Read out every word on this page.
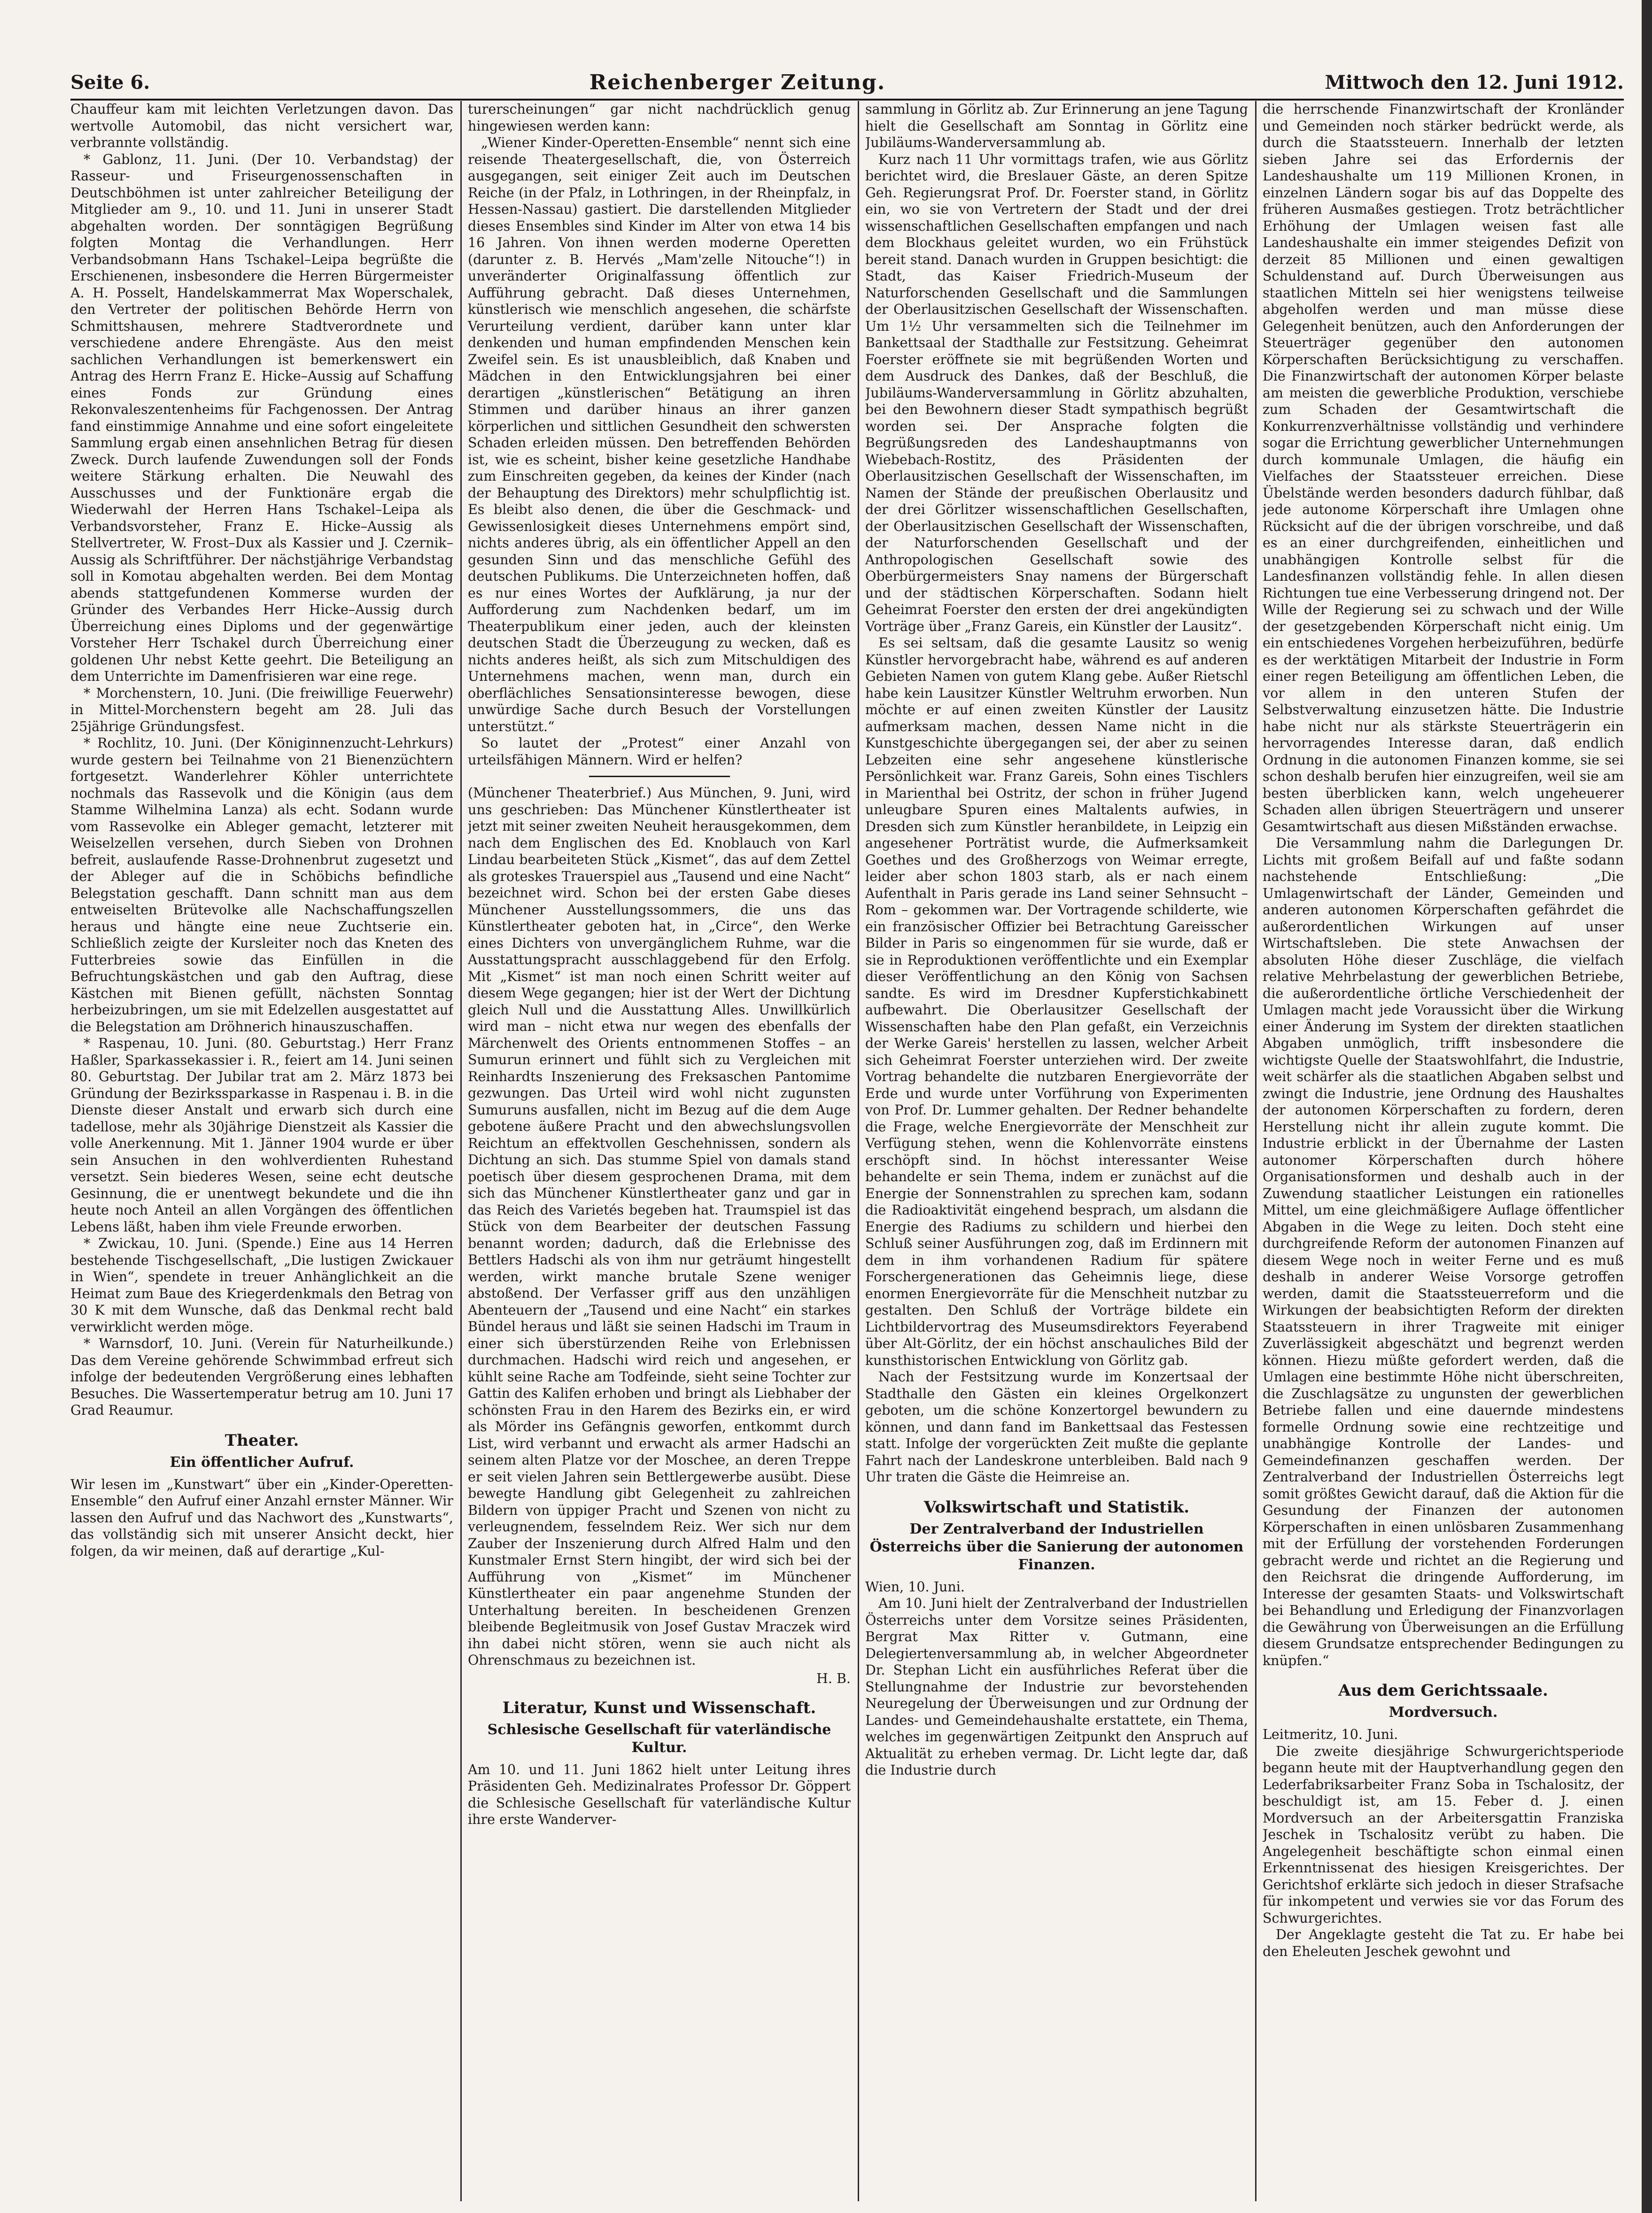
Seite 6.	Reichenberger Zeitung.	Mittwoch den 12. Juni 1912.

Chauffeur kam mit leichten Verletzungen davon. Das wertvolle Automobil, das nicht versichert war, verbrannte vollständig.

* Gablonz, 11. Juni. (Der 10. Verbandstag) der Rasseur- und Friseurgenossenschaften in Deutschböhmen ist unter zahlreicher Beteiligung der Mitglieder am 9., 10. und 11. Juni in unserer Stadt abgehalten worden. Der sonntägigen Begrüßung folgten Montag die Verhandlungen. Herr Verbandsobmann Hans Tschakel–Leipa begrüßte die Erschienenen, insbesondere die Herren Bürgermeister A. H. Posselt, Handelskammerrat Max Woperschalek, den Vertreter der politischen Behörde Herrn von Schmittshausen, mehrere Stadtverordnete und verschiedene andere Ehrengäste. Aus den meist sachlichen Verhandlungen ist bemerkenswert ein Antrag des Herrn Franz E. Hicke–Aussig auf Schaffung eines Fonds zur Gründung eines Rekonvaleszentenheims für Fachgenossen. Der Antrag fand einstimmige Annahme und eine sofort eingeleitete Sammlung ergab einen ansehnlichen Betrag für diesen Zweck. Durch laufende Zuwendungen soll der Fonds weitere Stärkung erhalten. Die Neuwahl des Ausschusses und der Funktionäre ergab die Wiederwahl der Herren Hans Tschakel–Leipa als Verbandsvorsteher, Franz E. Hicke–Aussig als Stellvertreter, W. Frost–Dux als Kassier und J. Czernik–Aussig als Schriftführer. Der nächstjährige Verbandstag soll in Komotau abgehalten werden. Bei dem Montag abends stattgefundenen Kommerse wurden der Gründer des Verbandes Herr Hicke–Aussig durch Überreichung eines Diploms und der gegenwärtige Vorsteher Herr Tschakel durch Überreichung einer goldenen Uhr nebst Kette geehrt. Die Beteiligung an dem Unterrichte im Damenfrisieren war eine rege.

* Morchenstern, 10. Juni. (Die freiwillige Feuerwehr) in Mittel-Morchenstern begeht am 28. Juli das 25jährige Gründungsfest.

* Rochlitz, 10. Juni. (Der Königinnenzucht-Lehrkurs) wurde gestern bei Teilnahme von 21 Bienenzüchtern fortgesetzt. Wanderlehrer Köhler unterrichtete nochmals das Rassevolk und die Königin (aus dem Stamme Wilhelmina Lanza) als echt. Sodann wurde vom Rassevolke ein Ableger gemacht, letzterer mit Weiselzellen versehen, durch Sieben von Drohnen befreit, auslaufende Rasse-Drohnenbrut zugesetzt und der Ableger auf die in Schöbichs befindliche Belegstation geschafft. Dann schnitt man aus dem entweiselten Brütevolke alle Nachschaffungszellen heraus und hängte eine neue Zuchtserie ein. Schließlich zeigte der Kursleiter noch das Kneten des Futterbreies sowie das Einfüllen in die Befruchtungskästchen und gab den Auftrag, diese Kästchen mit Bienen gefüllt, nächsten Sonntag herbeizubringen, um sie mit Edelzellen ausgestattet auf die Belegstation am Dröhnerich hinauszuschaffen.

* Raspenau, 10. Juni. (80. Geburtstag.) Herr Franz Haßler, Sparkassekassier i. R., feiert am 14. Juni seinen 80. Geburtstag. Der Jubilar trat am 2. März 1873 bei Gründung der Bezirkssparkasse in Raspenau i. B. in die Dienste dieser Anstalt und erwarb sich durch eine tadellose, mehr als 30jährige Dienstzeit als Kassier die volle Anerkennung. Mit 1. Jänner 1904 wurde er über sein Ansuchen in den wohlverdienten Ruhestand versetzt. Sein biederes Wesen, seine echt deutsche Gesinnung, die er unentwegt bekundete und die ihn heute noch Anteil an allen Vorgängen des öffentlichen Lebens läßt, haben ihm viele Freunde erworben.

* Zwickau, 10. Juni. (Spende.) Eine aus 14 Herren bestehende Tischgesellschaft, „Die lustigen Zwickauer in Wien“, spendete in treuer Anhänglichkeit an die Heimat zum Baue des Kriegerdenkmals den Betrag von 30 K mit dem Wunsche, daß das Denkmal recht bald verwirklicht werden möge.

* Warnsdorf, 10. Juni. (Verein für Naturheilkunde.) Das dem Vereine gehörende Schwimmbad erfreut sich infolge der bedeutenden Vergrößerung eines lebhaften Besuches. Die Wassertemperatur betrug am 10. Juni 17 Grad Reaumur.

Theater.
Ein öffentlicher Aufruf.

Wir lesen im „Kunstwart“ über ein „Kinder-Operetten-Ensemble“ den Aufruf einer Anzahl ernster Männer. Wir lassen den Aufruf und das Nachwort des „Kunstwarts“, das vollständig sich mit unserer Ansicht deckt, hier folgen, da wir meinen, daß auf derartige „Kul-

turerscheinungen“ gar nicht nachdrücklich genug hingewiesen werden kann:

„Wiener Kinder-Operetten-Ensemble“ nennt sich eine reisende Theatergesellschaft, die, von Österreich ausgegangen, seit einiger Zeit auch im Deutschen Reiche (in der Pfalz, in Lothringen, in der Rheinpfalz, in Hessen-Nassau) gastiert. Die darstellenden Mitglieder dieses Ensembles sind Kinder im Alter von etwa 14 bis 16 Jahren. Von ihnen werden moderne Operetten (darunter z. B. Hervés „Mam'zelle Nitouche“!) in unveränderter Originalfassung öffentlich zur Aufführung gebracht. Daß dieses Unternehmen, künstlerisch wie menschlich angesehen, die schärfste Verurteilung verdient, darüber kann unter klar denkenden und human empfindenden Menschen kein Zweifel sein. Es ist unausbleiblich, daß Knaben und Mädchen in den Entwicklungsjahren bei einer derartigen „künstlerischen“ Betätigung an ihren Stimmen und darüber hinaus an ihrer ganzen körperlichen und sittlichen Gesundheit den schwersten Schaden erleiden müssen. Den betreffenden Behörden ist, wie es scheint, bisher keine gesetzliche Handhabe zum Einschreiten gegeben, da keines der Kinder (nach der Behauptung des Direktors) mehr schulpflichtig ist. Es bleibt also denen, die über die Geschmack- und Gewissenlosigkeit dieses Unternehmens empört sind, nichts anderes übrig, als ein öffentlicher Appell an den gesunden Sinn und das menschliche Gefühl des deutschen Publikums. Die Unterzeichneten hoffen, daß es nur eines Wortes der Aufklärung, ja nur der Aufforderung zum Nachdenken bedarf, um im Theaterpublikum einer jeden, auch der kleinsten deutschen Stadt die Überzeugung zu wecken, daß es nichts anderes heißt, als sich zum Mitschuldigen des Unternehmens machen, wenn man, durch ein oberflächliches Sensationsinteresse bewogen, diese unwürdige Sache durch Besuch der Vorstellungen unterstützt.“

So lautet der „Protest“ einer Anzahl von urteilsfähigen Männern. Wird er helfen?

(Münchener Theaterbrief.) Aus München, 9. Juni, wird uns geschrieben: Das Münchener Künstlertheater ist jetzt mit seiner zweiten Neuheit herausgekommen, dem nach dem Englischen des Ed. Knoblauch von Karl Lindau bearbeiteten Stück „Kismet“, das auf dem Zettel als groteskes Trauerspiel aus „Tausend und eine Nacht“ bezeichnet wird. Schon bei der ersten Gabe dieses Münchener Ausstellungssommers, die uns das Künstlertheater geboten hat, in „Circe“, den Werke eines Dichters von unvergänglichem Ruhme, war die Ausstattungspracht ausschlaggebend für den Erfolg. Mit „Kismet“ ist man noch einen Schritt weiter auf diesem Wege gegangen; hier ist der Wert der Dichtung gleich Null und die Ausstattung Alles. Unwillkürlich wird man – nicht etwa nur wegen des ebenfalls der Märchenwelt des Orients entnommenen Stoffes – an Sumurun erinnert und fühlt sich zu Vergleichen mit Reinhardts Inszenierung des Freksaschen Pantomime gezwungen. Das Urteil wird wohl nicht zugunsten Sumuruns ausfallen, nicht im Bezug auf die dem Auge gebotene äußere Pracht und den abwechslungsvollen Reichtum an effektvollen Geschehnissen, sondern als Dichtung an sich. Das stumme Spiel von damals stand poetisch über diesem gesprochenen Drama, mit dem sich das Münchener Künstlertheater ganz und gar in das Reich des Varietés begeben hat. Traumspiel ist das Stück von dem Bearbeiter der deutschen Fassung benannt worden; dadurch, daß die Erlebnisse des Bettlers Hadschi als von ihm nur geträumt hingestellt werden, wirkt manche brutale Szene weniger abstoßend. Der Verfasser griff aus den unzähligen Abenteuern der „Tausend und eine Nacht“ ein starkes Bündel heraus und läßt sie seinen Hadschi im Traum in einer sich überstürzenden Reihe von Erlebnissen durchmachen. Hadschi wird reich und angesehen, er kühlt seine Rache am Todfeinde, sieht seine Tochter zur Gattin des Kalifen erhoben und bringt als Liebhaber der schönsten Frau in den Harem des Bezirks ein, er wird als Mörder ins Gefängnis geworfen, entkommt durch List, wird verbannt und erwacht als armer Hadschi an seinem alten Platze vor der Moschee, an deren Treppe er seit vielen Jahren sein Bettlergewerbe ausübt. Diese bewegte Handlung gibt Gelegenheit zu zahlreichen Bildern von üppiger Pracht und Szenen von nicht zu verleugnendem, fesselndem Reiz. Wer sich nur dem Zauber der Inszenierung durch Alfred Halm und den Kunstmaler Ernst Stern hingibt, der wird sich bei der Aufführung von „Kismet“ im Münchener Künstlertheater ein paar angenehme Stunden der Unterhaltung bereiten. In bescheidenen Grenzen bleibende Begleitmusik von Josef Gustav Mraczek wird ihn dabei nicht stören, wenn sie auch nicht als Ohrenschmaus zu bezeichnen ist.

H. B.
Literatur, Kunst und Wissenschaft.
Schlesische Gesellschaft für vaterländische Kultur.

Am 10. und 11. Juni 1862 hielt unter Leitung ihres Präsidenten Geh. Medizinalrates Professor Dr. Göppert die Schlesische Gesellschaft für vaterländische Kultur ihre erste Wanderver-

sammlung in Görlitz ab. Zur Erinnerung an jene Tagung hielt die Gesellschaft am Sonntag in Görlitz eine Jubiläums-Wanderversammlung ab.

Kurz nach 11 Uhr vormittags trafen, wie aus Görlitz berichtet wird, die Breslauer Gäste, an deren Spitze Geh. Regierungsrat Prof. Dr. Foerster stand, in Görlitz ein, wo sie von Vertretern der Stadt und der drei wissenschaftlichen Gesellschaften empfangen und nach dem Blockhaus geleitet wurden, wo ein Frühstück bereit stand. Danach wurden in Gruppen besichtigt: die Stadt, das Kaiser Friedrich-Museum der Naturforschenden Gesellschaft und die Sammlungen der Oberlausitzischen Gesellschaft der Wissenschaften. Um 1½ Uhr versammelten sich die Teilnehmer im Bankettsaal der Stadthalle zur Festsitzung. Geheimrat Foerster eröffnete sie mit begrüßenden Worten und dem Ausdruck des Dankes, daß der Beschluß, die Jubiläums-Wanderversammlung in Görlitz abzuhalten, bei den Bewohnern dieser Stadt sympathisch begrüßt worden sei. Der Ansprache folgten die Begrüßungsreden des Landeshauptmanns von Wiebebach-Rostitz, des Präsidenten der Oberlausitzischen Gesellschaft der Wissenschaften, im Namen der Stände der preußischen Oberlausitz und der drei Görlitzer wissenschaftlichen Gesellschaften, der Oberlausitzischen Gesellschaft der Wissenschaften, der Naturforschenden Gesellschaft und der Anthropologischen Gesellschaft sowie des Oberbürgermeisters Snay namens der Bürgerschaft und der städtischen Körperschaften. Sodann hielt Geheimrat Foerster den ersten der drei angekündigten Vorträge über „Franz Gareis, ein Künstler der Lausitz“.

Es sei seltsam, daß die gesamte Lausitz so wenig Künstler hervorgebracht habe, während es auf anderen Gebieten Namen von gutem Klang gebe. Außer Rietschl habe kein Lausitzer Künstler Weltruhm erworben. Nun möchte er auf einen zweiten Künstler der Lausitz aufmerksam machen, dessen Name nicht in die Kunstgeschichte übergegangen sei, der aber zu seinen Lebzeiten eine sehr angesehene künstlerische Persönlichkeit war. Franz Gareis, Sohn eines Tischlers in Marienthal bei Ostritz, der schon in früher Jugend unleugbare Spuren eines Maltalents aufwies, in Dresden sich zum Künstler heranbildete, in Leipzig ein angesehener Porträtist wurde, die Aufmerksamkeit Goethes und des Großherzogs von Weimar erregte, leider aber schon 1803 starb, als er nach einem Aufenthalt in Paris gerade ins Land seiner Sehnsucht – Rom – gekommen war. Der Vortragende schilderte, wie ein französischer Offizier bei Betrachtung Gareisscher Bilder in Paris so eingenommen für sie wurde, daß er sie in Reproduktionen veröffentlichte und ein Exemplar dieser Veröffentlichung an den König von Sachsen sandte. Es wird im Dresdner Kupferstichkabinett aufbewahrt. Die Oberlausitzer Gesellschaft der Wissenschaften habe den Plan gefaßt, ein Verzeichnis der Werke Gareis' herstellen zu lassen, welcher Arbeit sich Geheimrat Foerster unterziehen wird. Der zweite Vortrag behandelte die nutzbaren Energievorräte der Erde und wurde unter Vorführung von Experimenten von Prof. Dr. Lummer gehalten. Der Redner behandelte die Frage, welche Energievorräte der Menschheit zur Verfügung stehen, wenn die Kohlenvorräte einstens erschöpft sind. In höchst interessanter Weise behandelte er sein Thema, indem er zunächst auf die Energie der Sonnenstrahlen zu sprechen kam, sodann die Radioaktivität eingehend besprach, um alsdann die Energie des Radiums zu schildern und hierbei den Schluß seiner Ausführungen zog, daß im Erdinnern mit dem in ihm vorhandenen Radium für spätere Forschergenerationen das Geheimnis liege, diese enormen Energievorräte für die Menschheit nutzbar zu gestalten. Den Schluß der Vorträge bildete ein Lichtbildervortrag des Museumsdirektors Feyerabend über Alt-Görlitz, der ein höchst anschauliches Bild der kunsthistorischen Entwicklung von Görlitz gab.

Nach der Festsitzung wurde im Konzertsaal der Stadthalle den Gästen ein kleines Orgelkonzert geboten, um die schöne Konzertorgel bewundern zu können, und dann fand im Bankettsaal das Festessen statt. Infolge der vorgerückten Zeit mußte die geplante Fahrt nach der Landeskrone unterbleiben. Bald nach 9 Uhr traten die Gäste die Heimreise an.

Volkswirtschaft und Statistik.
Der Zentralverband der Industriellen Österreichs über die Sanierung der autonomen Finanzen.

Wien, 10. Juni.

Am 10. Juni hielt der Zentralverband der Industriellen Österreichs unter dem Vorsitze seines Präsidenten, Bergrat Max Ritter v. Gutmann, eine Delegiertenversammlung ab, in welcher Abgeordneter Dr. Stephan Licht ein ausführliches Referat über die Stellungnahme der Industrie zur bevorstehenden Neuregelung der Überweisungen und zur Ordnung der Landes- und Gemeindehaushalte erstattete, ein Thema, welches im gegenwärtigen Zeitpunkt den Anspruch auf Aktualität zu erheben vermag. Dr. Licht legte dar, daß die Industrie durch

die herrschende Finanzwirtschaft der Kronländer und Gemeinden noch stärker bedrückt werde, als durch die Staatssteuern. Innerhalb der letzten sieben Jahre sei das Erfordernis der Landeshaushalte um 119 Millionen Kronen, in einzelnen Ländern sogar bis auf das Doppelte des früheren Ausmaßes gestiegen. Trotz beträchtlicher Erhöhung der Umlagen weisen fast alle Landeshaushalte ein immer steigendes Defizit von derzeit 85 Millionen und einen gewaltigen Schuldenstand auf. Durch Überweisungen aus staatlichen Mitteln sei hier wenigstens teilweise abgeholfen werden und man müsse diese Gelegenheit benützen, auch den Anforderungen der Steuerträger gegenüber den autonomen Körperschaften Berücksichtigung zu verschaffen. Die Finanzwirtschaft der autonomen Körper belaste am meisten die gewerbliche Produktion, verschiebe zum Schaden der Gesamtwirtschaft die Konkurrenzverhältnisse vollständig und verhindere sogar die Errichtung gewerblicher Unternehmungen durch kommunale Umlagen, die häufig ein Vielfaches der Staatssteuer erreichen. Diese Übelstände werden besonders dadurch fühlbar, daß jede autonome Körperschaft ihre Umlagen ohne Rücksicht auf die der übrigen vorschreibe, und daß es an einer durchgreifenden, einheitlichen und unabhängigen Kontrolle selbst für die Landesfinanzen vollständig fehle. In allen diesen Richtungen tue eine Verbesserung dringend not. Der Wille der Regierung sei zu schwach und der Wille der gesetzgebenden Körperschaft nicht einig. Um ein entschiedenes Vorgehen herbeizuführen, bedürfe es der werktätigen Mitarbeit der Industrie in Form einer regen Beteiligung am öffentlichen Leben, die vor allem in den unteren Stufen der Selbstverwaltung einzusetzen hätte. Die Industrie habe nicht nur als stärkste Steuerträgerin ein hervorragendes Interesse daran, daß endlich Ordnung in die autonomen Finanzen komme, sie sei schon deshalb berufen hier einzugreifen, weil sie am besten überblicken kann, welch ungeheuerer Schaden allen übrigen Steuerträgern und unserer Gesamtwirtschaft aus diesen Mißständen erwachse.

Die Versammlung nahm die Darlegungen Dr. Lichts mit großem Beifall auf und faßte sodann nachstehende Entschließung: „Die Umlagenwirtschaft der Länder, Gemeinden und anderen autonomen Körperschaften gefährdet die außerordentlichen Wirkungen auf unser Wirtschaftsleben. Die stete Anwachsen der absoluten Höhe dieser Zuschläge, die vielfach relative Mehrbelastung der gewerblichen Betriebe, die außerordentliche örtliche Verschiedenheit der Umlagen macht jede Voraussicht über die Wirkung einer Änderung im System der direkten staatlichen Abgaben unmöglich, trifft insbesondere die wichtigste Quelle der Staatswohlfahrt, die Industrie, weit schärfer als die staatlichen Abgaben selbst und zwingt die Industrie, jene Ordnung des Haushaltes der autonomen Körperschaften zu fordern, deren Herstellung nicht ihr allein zugute kommt. Die Industrie erblickt in der Übernahme der Lasten autonomer Körperschaften durch höhere Organisationsformen und deshalb auch in der Zuwendung staatlicher Leistungen ein rationelles Mittel, um eine gleichmäßigere Auflage öffentlicher Abgaben in die Wege zu leiten. Doch steht eine durchgreifende Reform der autonomen Finanzen auf diesem Wege noch in weiter Ferne und es muß deshalb in anderer Weise Vorsorge getroffen werden, damit die Staatssteuerreform und die Wirkungen der beabsichtigten Reform der direkten Staatssteuern in ihrer Tragweite mit einiger Zuverlässigkeit abgeschätzt und begrenzt werden können. Hiezu müßte gefordert werden, daß die Umlagen eine bestimmte Höhe nicht überschreiten, die Zuschlagsätze zu ungunsten der gewerblichen Betriebe fallen und eine dauernde mindestens formelle Ordnung sowie eine rechtzeitige und unabhängige Kontrolle der Landes- und Gemeindefinanzen geschaffen werden. Der Zentralverband der Industriellen Österreichs legt somit größtes Gewicht darauf, daß die Aktion für die Gesundung der Finanzen der autonomen Körperschaften in einen unlösbaren Zusammenhang mit der Erfüllung der vorstehenden Forderungen gebracht werde und richtet an die Regierung und den Reichsrat die dringende Aufforderung, im Interesse der gesamten Staats- und Volkswirtschaft bei Behandlung und Erledigung der Finanzvorlagen die Gewährung von Überweisungen an die Erfüllung diesem Grundsatze entsprechender Bedingungen zu knüpfen.“

Aus dem Gerichtssaale.
Mordversuch.

Leitmeritz, 10. Juni.

Die zweite diesjährige Schwurgerichtsperiode begann heute mit der Hauptverhandlung gegen den Lederfabriksarbeiter Franz Soba in Tschalositz, der beschuldigt ist, am 15. Feber d. J. einen Mordversuch an der Arbeitersgattin Franziska Jeschek in Tschalositz verübt zu haben. Die Angelegenheit beschäftigte schon einmal einen Erkenntnissenat des hiesigen Kreisgerichtes. Der Gerichtshof erklärte sich jedoch in dieser Strafsache für inkompetent und verwies sie vor das Forum des Schwurgerichtes.

Der Angeklagte gesteht die Tat zu. Er habe bei den Eheleuten Jeschek gewohnt und
